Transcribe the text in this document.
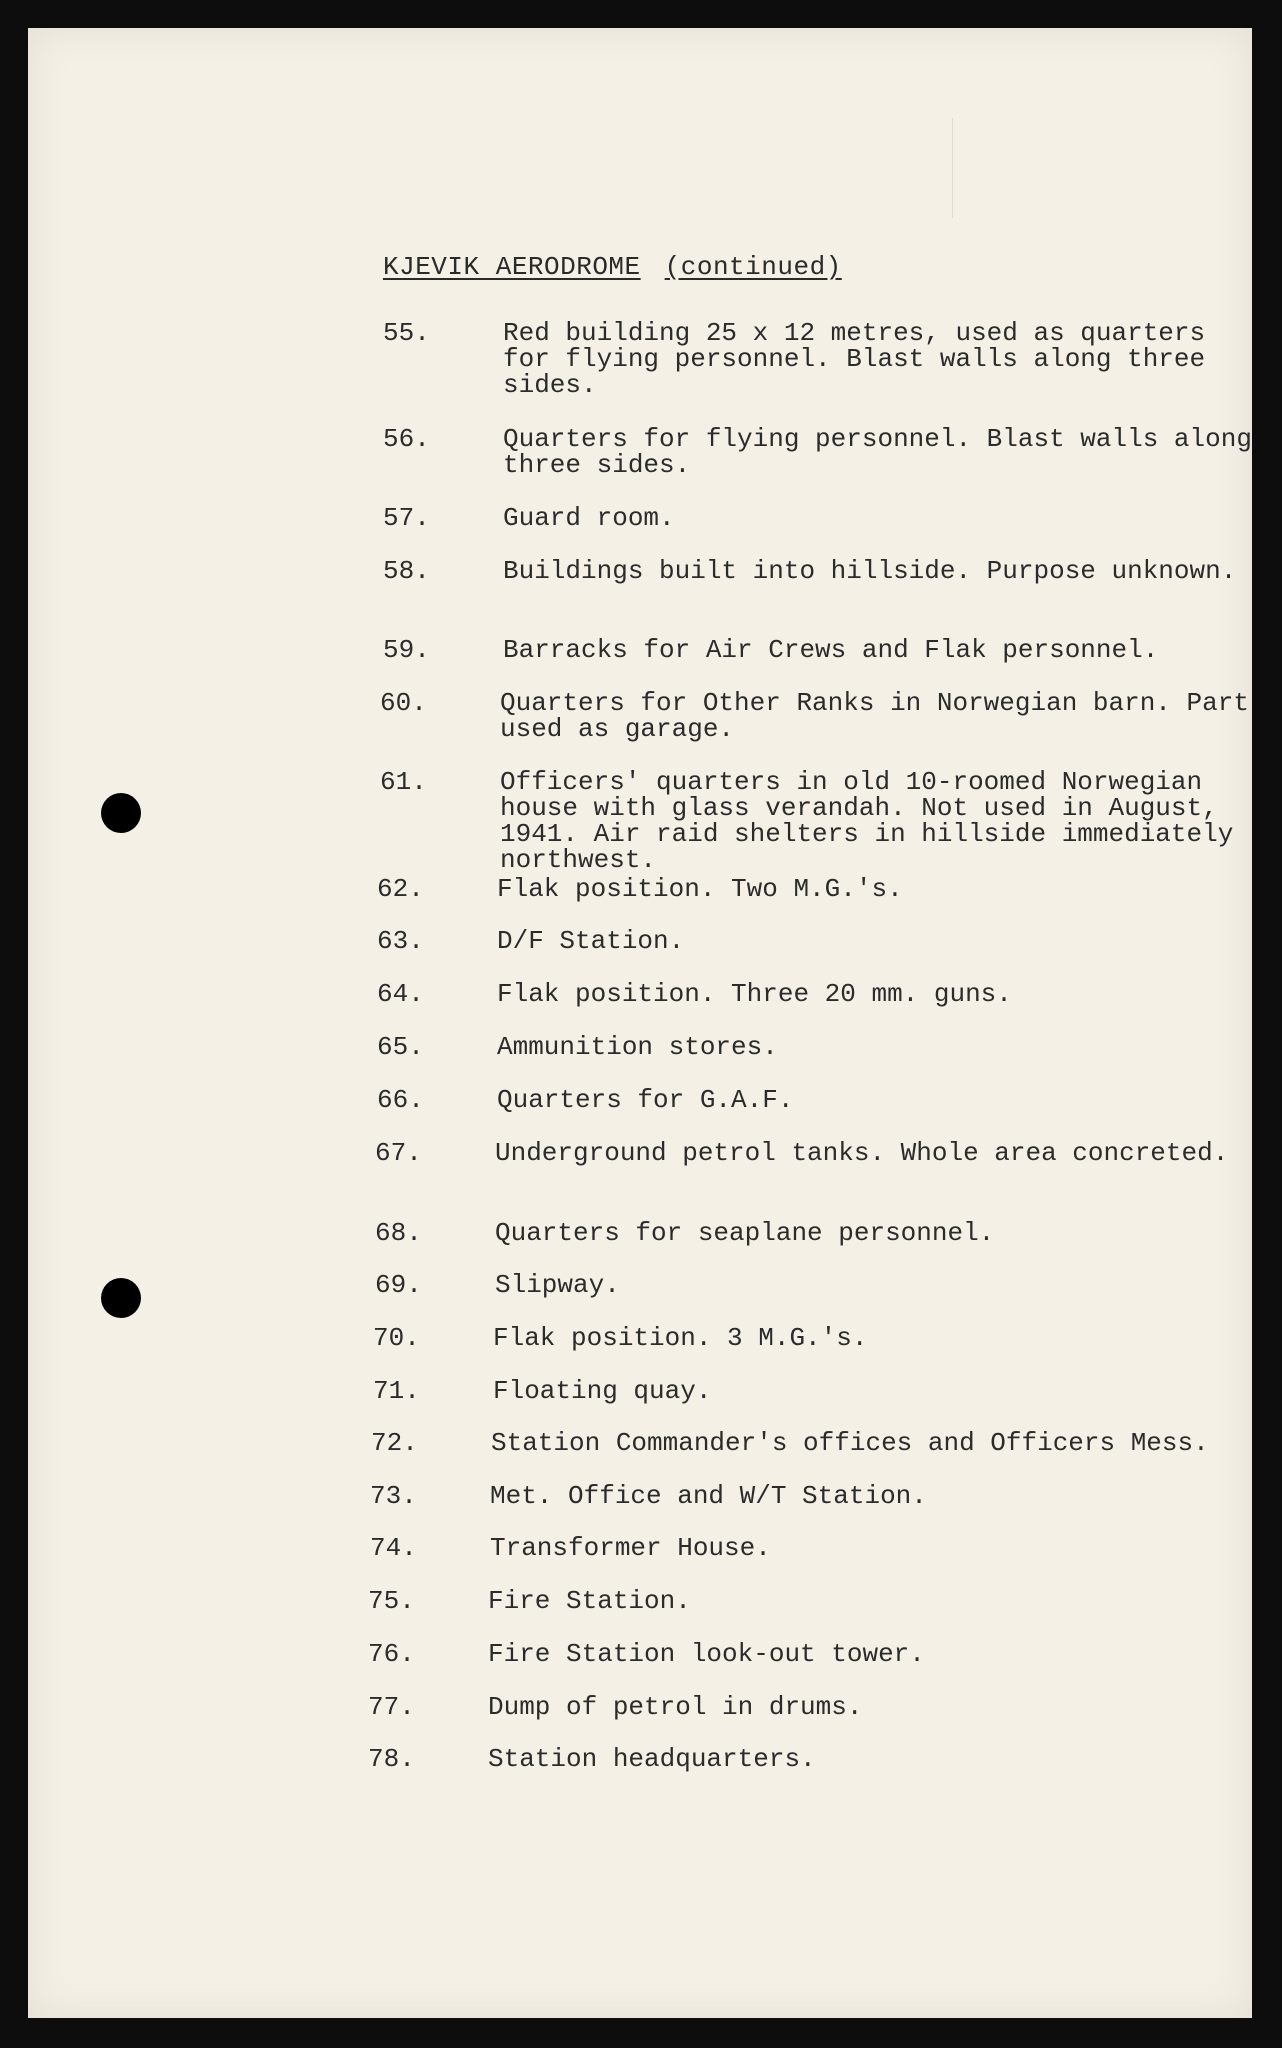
KJEVIK AERODROME (continued)
55.	Red building 25 x 12 metres, used as quarters for flying personnel. Blast walls along three sides.
56.	Quarters for flying personnel. Blast walls along three sides.
57.	Guard room.
58.	Buildings built into hillside. Purpose unknown.
59.	Barracks for Air Crews and Flak personnel.
60.	Quarters for Other Ranks in Norwegian barn. Part used as garage.
61.	Officers' quarters in old 10-roomed Norwegian house with glass verandah. Not used in August, 1941. Air raid shelters in hillside immediately northwest.
62.	Flak position. Two M.G.'s.
63.	D/F Station.
64.	Flak position. Three 20 mm. guns.
65.	Ammunition stores.
66.	Quarters for G.A.F.
67.	Underground petrol tanks. Whole area concreted.
68.	Quarters for seaplane personnel.
69.	Slipway.
70.	Flak position. 3 M.G.'s.
71.	Floating quay.
72.	Station Commander's offices and Officers Mess.
73.	Met. Office and W/T Station.
74.	Transformer House.
75.	Fire Station.
76.	Fire Station look-out tower.
77.	Dump of petrol in drums.
78.	Station headquarters.
